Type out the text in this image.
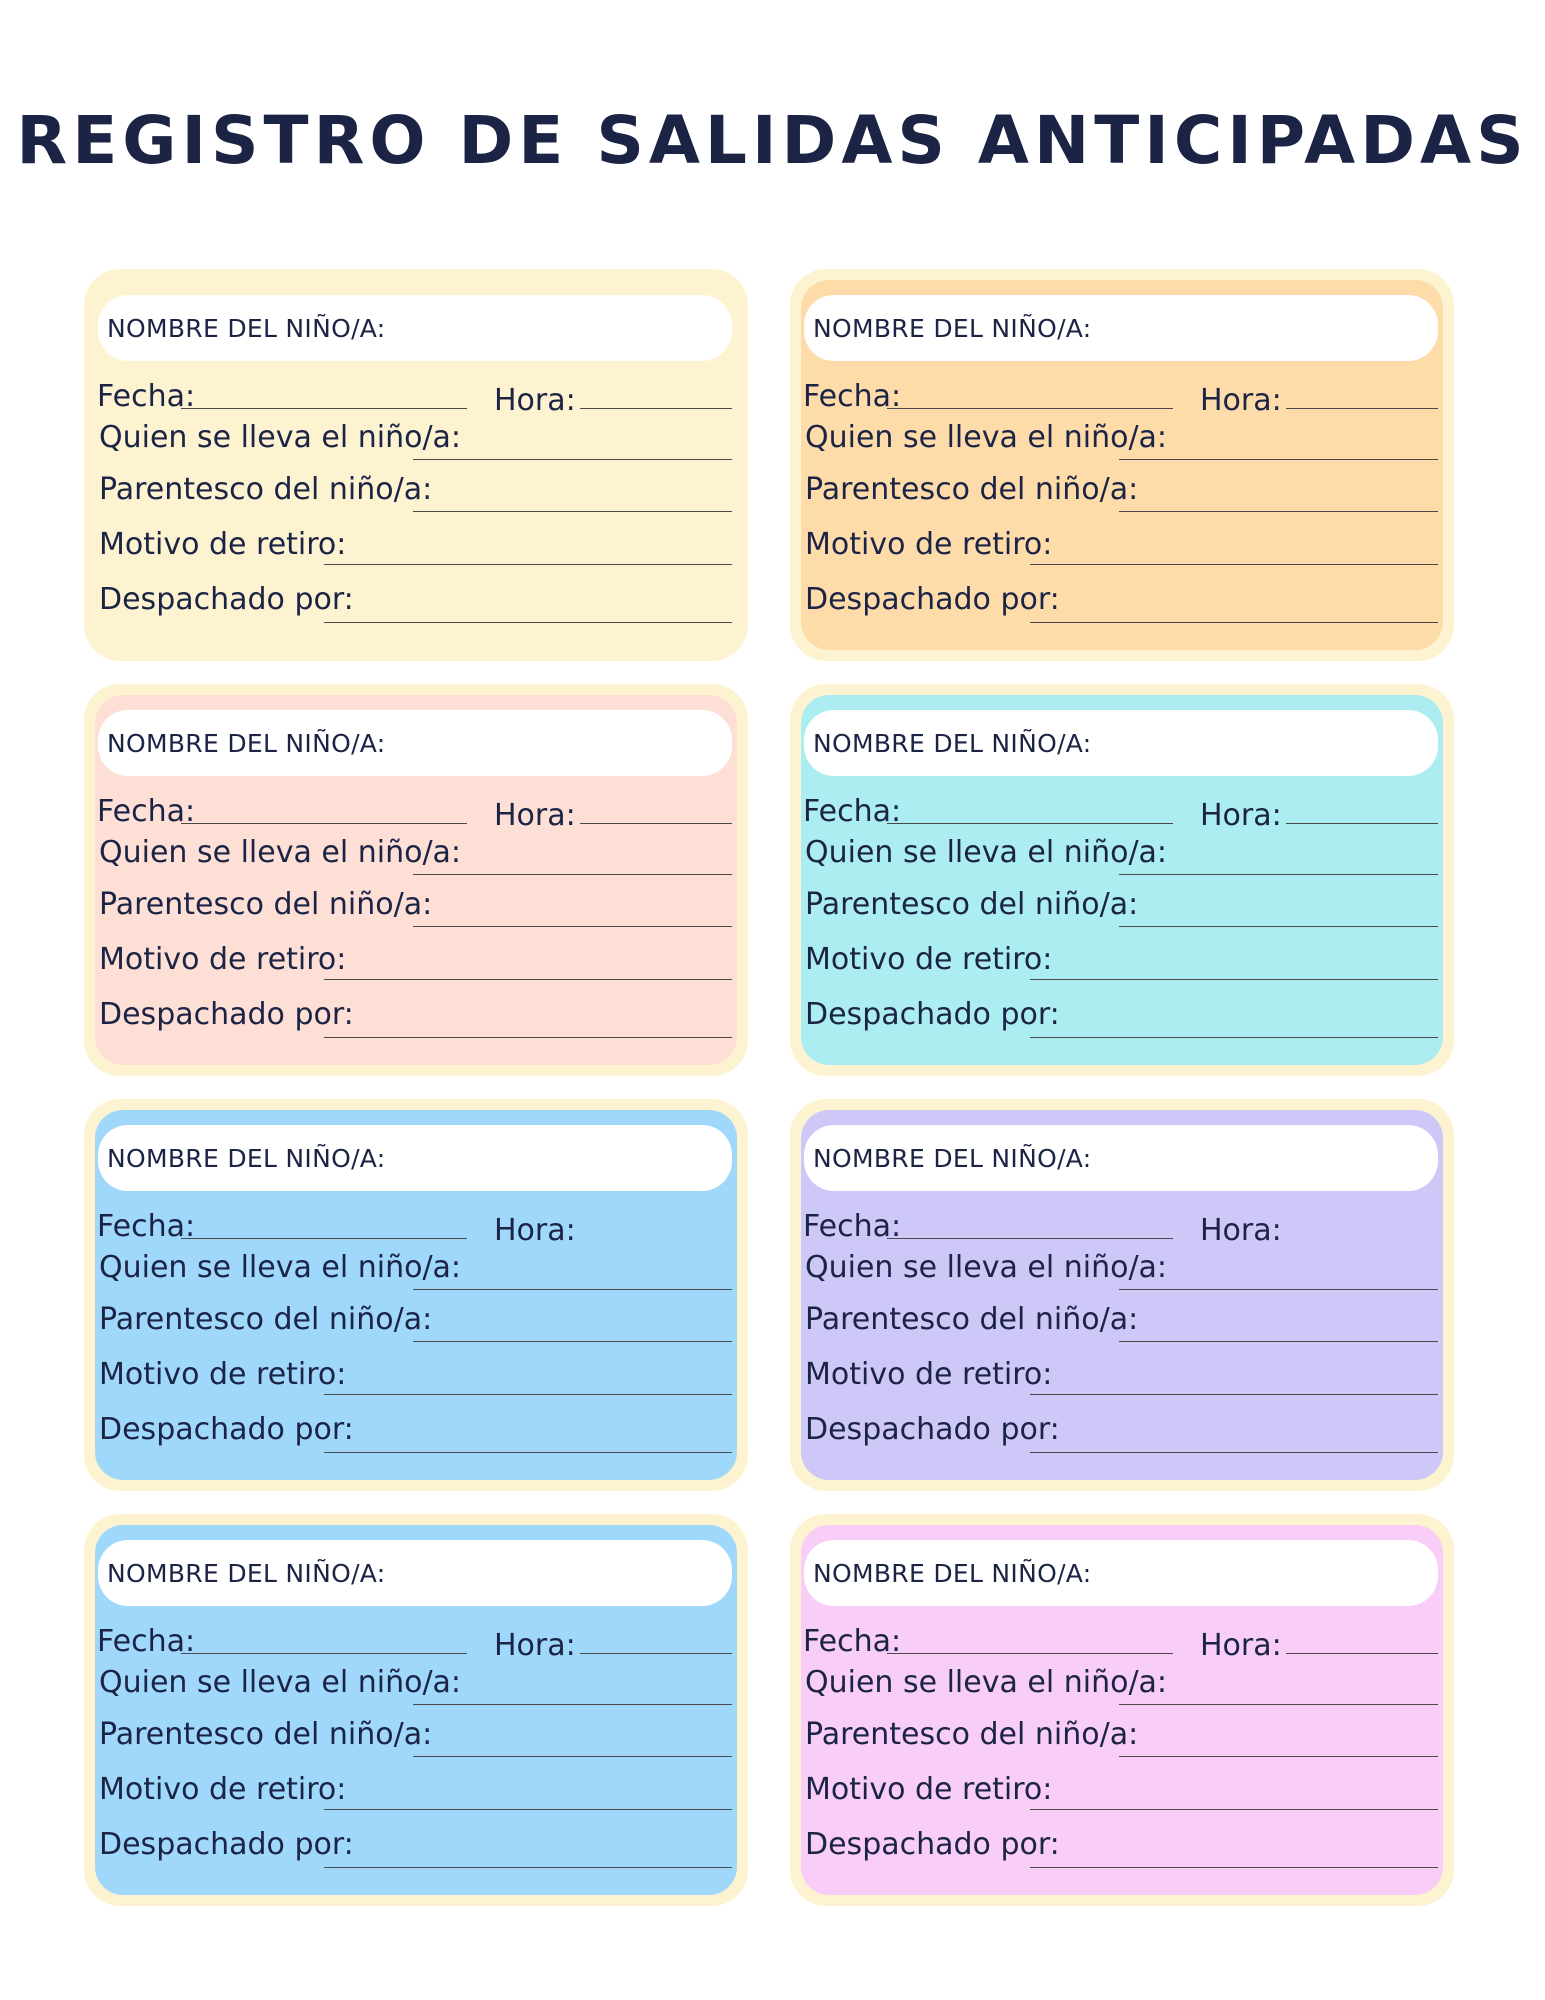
REGISTRO DE SALIDAS ANTICIPADAS
NOMBRE DEL NIÑO/A:
Fecha:	Hora:
Quien se lleva el niño/a:
Parentesco del niño/a:
Motivo de retiro:
Despachado por:
NOMBRE DEL NIÑO/A:
Fecha:	Hora:
Quien se lleva el niño/a:
Parentesco del niño/a:
Motivo de retiro:
Despachado por:
NOMBRE DEL NIÑO/A:
Fecha:	Hora:
Quien se lleva el niño/a:
Parentesco del niño/a:
Motivo de retiro:
Despachado por:
NOMBRE DEL NIÑO/A:
Fecha:	Hora:
Quien se lleva el niño/a:
Parentesco del niño/a:
Motivo de retiro:
Despachado por:
NOMBRE DEL NIÑO/A:
Fecha:	Hora:
Quien se lleva el niño/a:
Parentesco del niño/a:
Motivo de retiro:
Despachado por:
NOMBRE DEL NIÑO/A:
Fecha:	Hora:
Quien se lleva el niño/a:
Parentesco del niño/a:
Motivo de retiro:
Despachado por:
NOMBRE DEL NIÑO/A:
Fecha:	Hora:
Quien se lleva el niño/a:
Parentesco del niño/a:
Motivo de retiro:
Despachado por:
NOMBRE DEL NIÑO/A:
Fecha:	Hora:
Quien se lleva el niño/a:
Parentesco del niño/a:
Motivo de retiro:
Despachado por:
